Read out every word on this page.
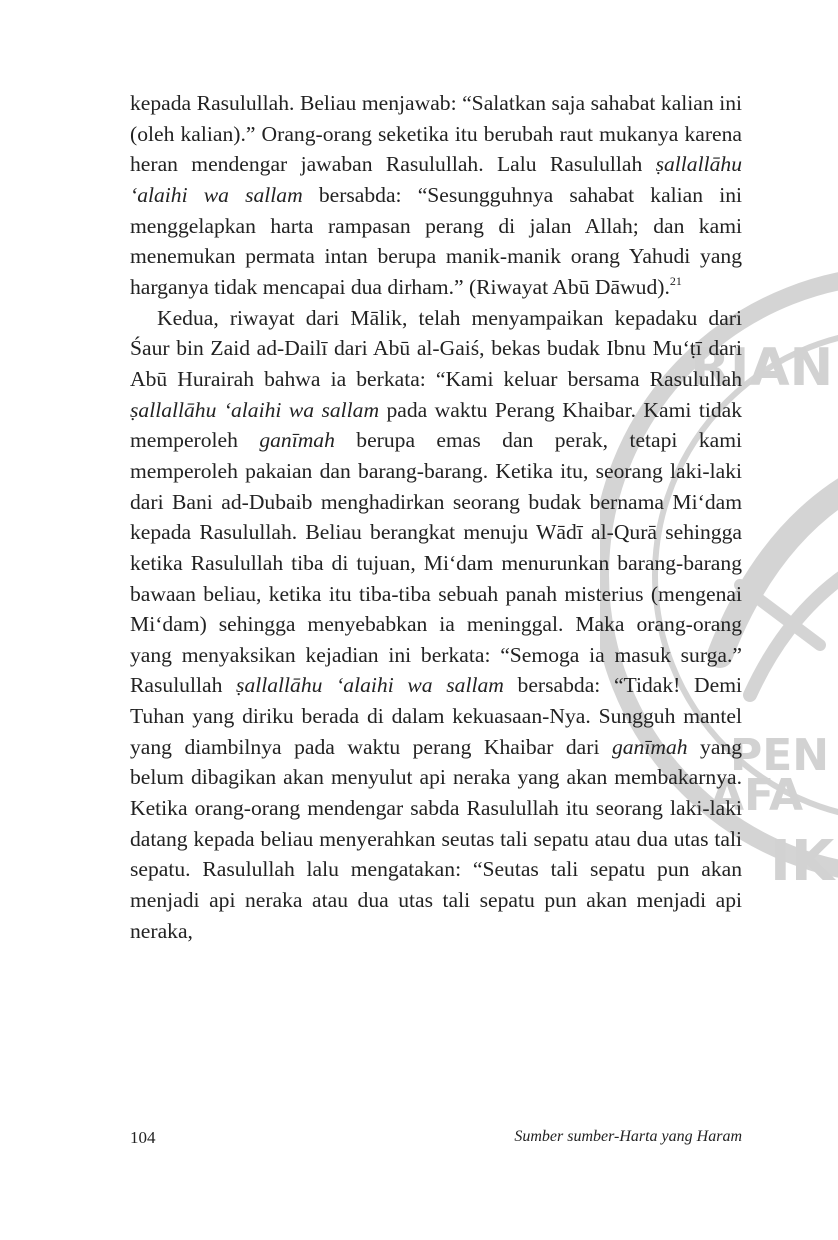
RIAN
PEN
AFA
IK

kepada Rasulullah. Beliau menjawab: “Salatkan saja sahabat kalian ini (oleh kalian).” Orang-orang seketika itu berubah raut mukanya karena heran mendengar jawaban Rasulullah. Lalu Rasulullah ṣallallāhu ‘alaihi wa sallam bersabda: “Sesungguhnya sahabat kalian ini menggelapkan harta rampasan perang di jalan Allah; dan kami menemukan permata intan berupa manik-manik orang Yahudi yang harganya tidak mencapai dua dirham.” (Riwayat Abū Dāwud).$^{21}$

Kedua, riwayat dari Mālik, telah menyampaikan kepadaku dari Śaur bin Zaid ad-Dailī dari Abū al-Gaiś, bekas budak Ibnu Mu‘ṭī dari Abū Hurairah bahwa ia berkata: “Kami keluar bersama Rasulullah ṣallallāhu ‘alaihi wa sallam pada waktu Perang Khaibar. Kami tidak memperoleh ganīmah berupa emas dan perak, tetapi kami memperoleh pakaian dan barang-barang. Ketika itu, seorang laki-laki dari Bani ad-Dubaib menghadirkan seorang budak bernama Mi‘dam kepada Rasulullah. Beliau berangkat menuju Wādī al-Qurā sehingga ketika Rasulullah tiba di tujuan, Mi‘dam menurunkan barang-barang bawaan beliau, ketika itu tiba-tiba sebuah panah misterius (mengenai Mi‘dam) sehingga menyebabkan ia meninggal. Maka orang-orang yang menyaksikan kejadian ini berkata: “Semoga ia masuk surga.” Rasulullah ṣallallāhu ‘alaihi wa sallam bersabda: “Tidak! Demi Tuhan yang diriku berada di dalam kekuasaan-Nya. Sungguh mantel yang diambilnya pada waktu perang Khaibar dari ganīmah yang belum dibagikan akan menyulut api neraka yang akan membakarnya. Ketika orang-orang mendengar sabda Rasulullah itu seorang laki-laki datang kepada beliau menyerahkan seutas tali sepatu atau dua utas tali sepatu. Rasulullah lalu mengatakan: “Seutas tali sepatu pun akan menjadi api neraka atau dua utas tali sepatu pun akan menjadi api neraka,

104	Sumber sumber-Harta yang Haram
